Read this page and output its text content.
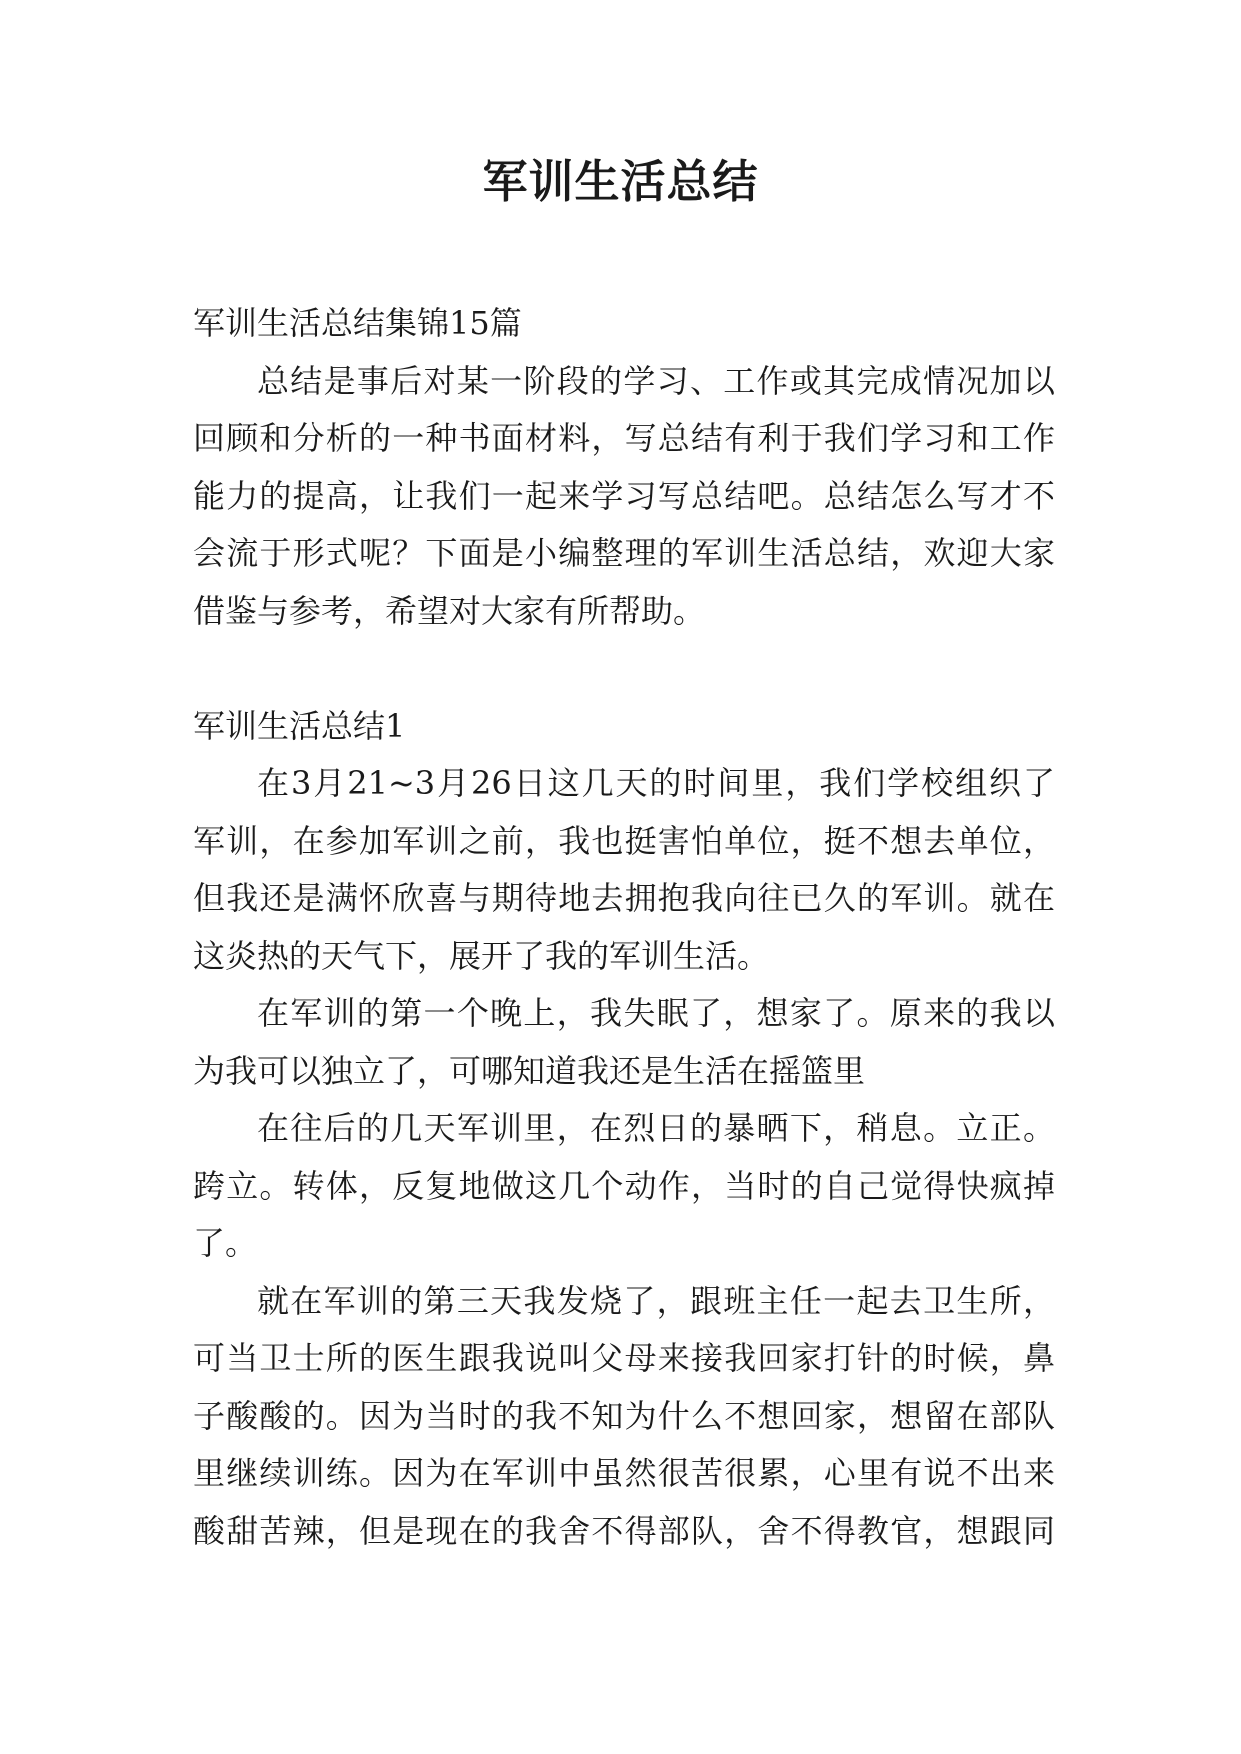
军训生活总结
军训生活总结集锦15篇
总结是事后对某一阶段的学习、工作或其完成情况加以
回顾和分析的一种书面材料，写总结有利于我们学习和工作
能力的提高，让我们一起来学习写总结吧。总结怎么写才不
会流于形式呢？下面是小编整理的军训生活总结，欢迎大家
借鉴与参考，希望对大家有所帮助。
军训生活总结1
在3月21~3月26日这几天的时间里，我们学校组织了
军训，在参加军训之前，我也挺害怕单位，挺不想去单位，
但我还是满怀欣喜与期待地去拥抱我向往已久的军训。就在
这炎热的天气下，展开了我的军训生活。
在军训的第一个晚上，我失眠了，想家了。原来的我以
为我可以独立了，可哪知道我还是生活在摇篮里
在往后的几天军训里，在烈日的暴晒下，稍息。立正。
跨立。转体，反复地做这几个动作，当时的自己觉得快疯掉
了。
就在军训的第三天我发烧了，跟班主任一起去卫生所，
可当卫士所的医生跟我说叫父母来接我回家打针的时候，鼻
子酸酸的。因为当时的我不知为什么不想回家，想留在部队
里继续训练。因为在军训中虽然很苦很累，心里有说不出来
酸甜苦辣，但是现在的我舍不得部队，舍不得教官，想跟同
